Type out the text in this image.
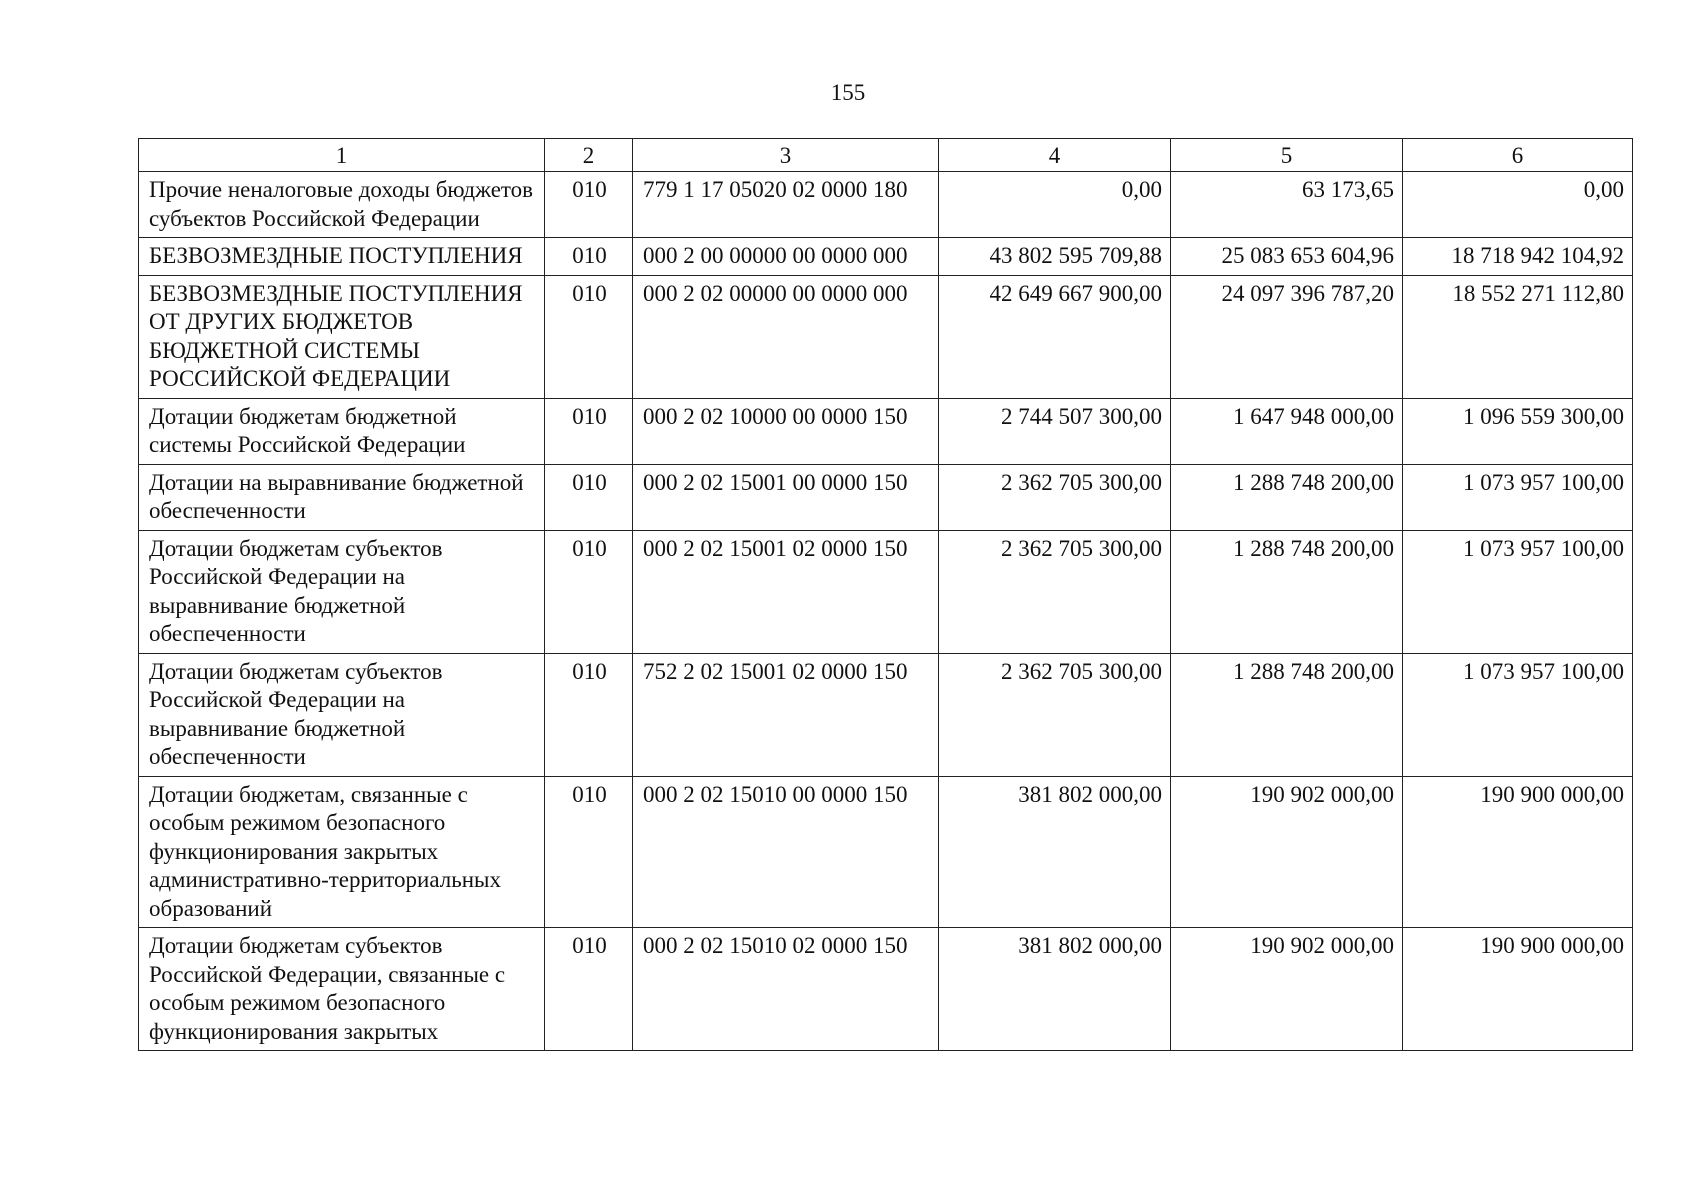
155
1	2	3	4	5	6
Прочие неналоговые доходы бюджетов субъектов Российской Федерации	010	779 1 17 05020 02 0000 180	0,00	63 173,65	0,00
БЕЗВОЗМЕЗДНЫЕ ПОСТУПЛЕНИЯ	010	000 2 00 00000 00 0000 000	43 802 595 709,88	25 083 653 604,96	18 718 942 104,92
БЕЗВОЗМЕЗДНЫЕ ПОСТУПЛЕНИЯ ОТ ДРУГИХ БЮДЖЕТОВ БЮДЖЕТНОЙ СИСТЕМЫ РОССИЙСКОЙ ФЕДЕРАЦИИ	010	000 2 02 00000 00 0000 000	42 649 667 900,00	24 097 396 787,20	18 552 271 112,80
Дотации бюджетам бюджетной системы Российской Федерации	010	000 2 02 10000 00 0000 150	2 744 507 300,00	1 647 948 000,00	1 096 559 300,00
Дотации на выравнивание бюджетной обеспеченности	010	000 2 02 15001 00 0000 150	2 362 705 300,00	1 288 748 200,00	1 073 957 100,00
Дотации бюджетам субъектов Российской Федерации на выравнивание бюджетной обеспеченности	010	000 2 02 15001 02 0000 150	2 362 705 300,00	1 288 748 200,00	1 073 957 100,00
Дотации бюджетам субъектов Российской Федерации на выравнивание бюджетной обеспеченности	010	752 2 02 15001 02 0000 150	2 362 705 300,00	1 288 748 200,00	1 073 957 100,00
Дотации бюджетам, связанные с особым режимом безопасного функционирования закрытых административно-территориальных образований	010	000 2 02 15010 00 0000 150	381 802 000,00	190 902 000,00	190 900 000,00
Дотации бюджетам субъектов Российской Федерации, связанные с особым режимом безопасного функционирования закрытых	010	000 2 02 15010 02 0000 150	381 802 000,00	190 902 000,00	190 900 000,00
